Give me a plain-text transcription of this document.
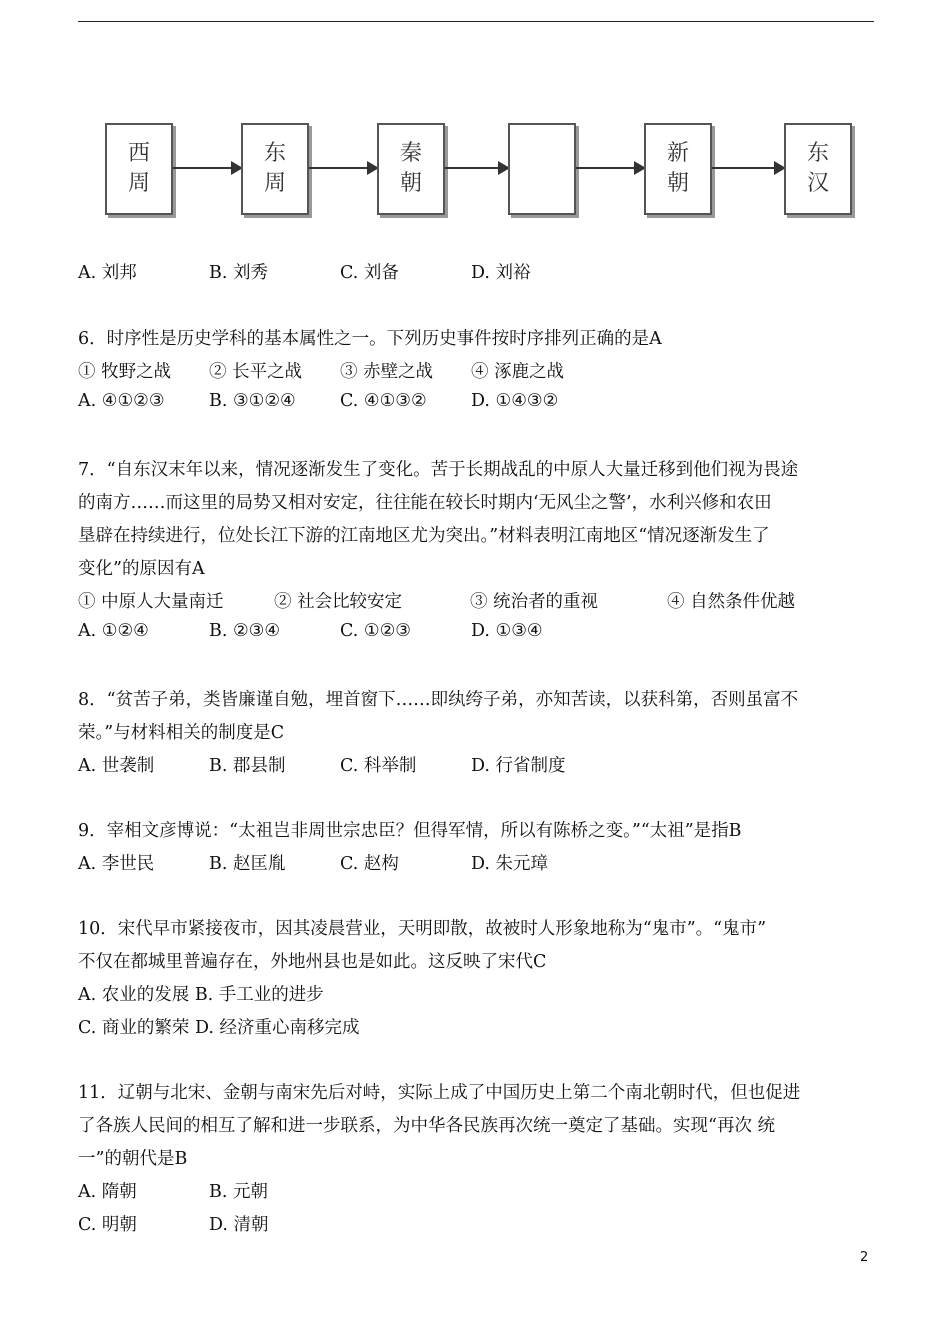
西周
东周
秦朝
新朝
东汉
A. 刘邦	B. 刘秀	C. 刘备	D. 刘裕
6．时序性是历史学科的基本属性之一。下列历史事件按时序排列正确的是A
① 牧野之战 ② 长平之战 ③ 赤壁之战 ④ 涿鹿之战
A. ④①②③	B. ③①②④	C. ④①③②	D. ①④③②
7．“自东汉末年以来，情况逐渐发生了变化。苦于长期战乱的中原人大量迁移到他们视为畏途
的南方……而这里的局势又相对安定，往往能在较长时期内‘无风尘之警’，水利兴修和农田
垦辟在持续进行，位处长江下游的江南地区尤为突出。”材料表明江南地区“情况逐渐发生了
变化”的原因有A
① 中原人大量南迁	② 社会比较安定	③ 统治者的重视	④ 自然条件优越
A. ①②④	B. ②③④	C. ①②③	D. ①③④
8．“贫苦子弟，类皆廉谨自勉，埋首窗下……即纨绔子弟，亦知苦读，以获科第，否则虽富不
荣。”与材料相关的制度是C
A. 世袭制	B. 郡县制	C. 科举制	D. 行省制度
9．宰相文彦博说：“太祖岂非周世宗忠臣？但得军情，所以有陈桥之变。”“太祖”是指B
A. 李世民	B. 赵匡胤	C. 赵构	D. 朱元璋
10．宋代早市紧接夜市，因其凌晨营业，天明即散，故被时人形象地称为“鬼市”。“鬼市”
不仅在都城里普遍存在，外地州县也是如此。这反映了宋代C
A. 农业的发展 B. 手工业的进步
C. 商业的繁荣 D. 经济重心南移完成
11．辽朝与北宋、金朝与南宋先后对峙，实际上成了中国历史上第二个南北朝时代，但也促进
了各族人民间的相互了解和进一步联系，为中华各民族再次统一奠定了基础。实现“再次 统
一”的朝代是B
A. 隋朝	B. 元朝
C. 明朝	D. 清朝
2
